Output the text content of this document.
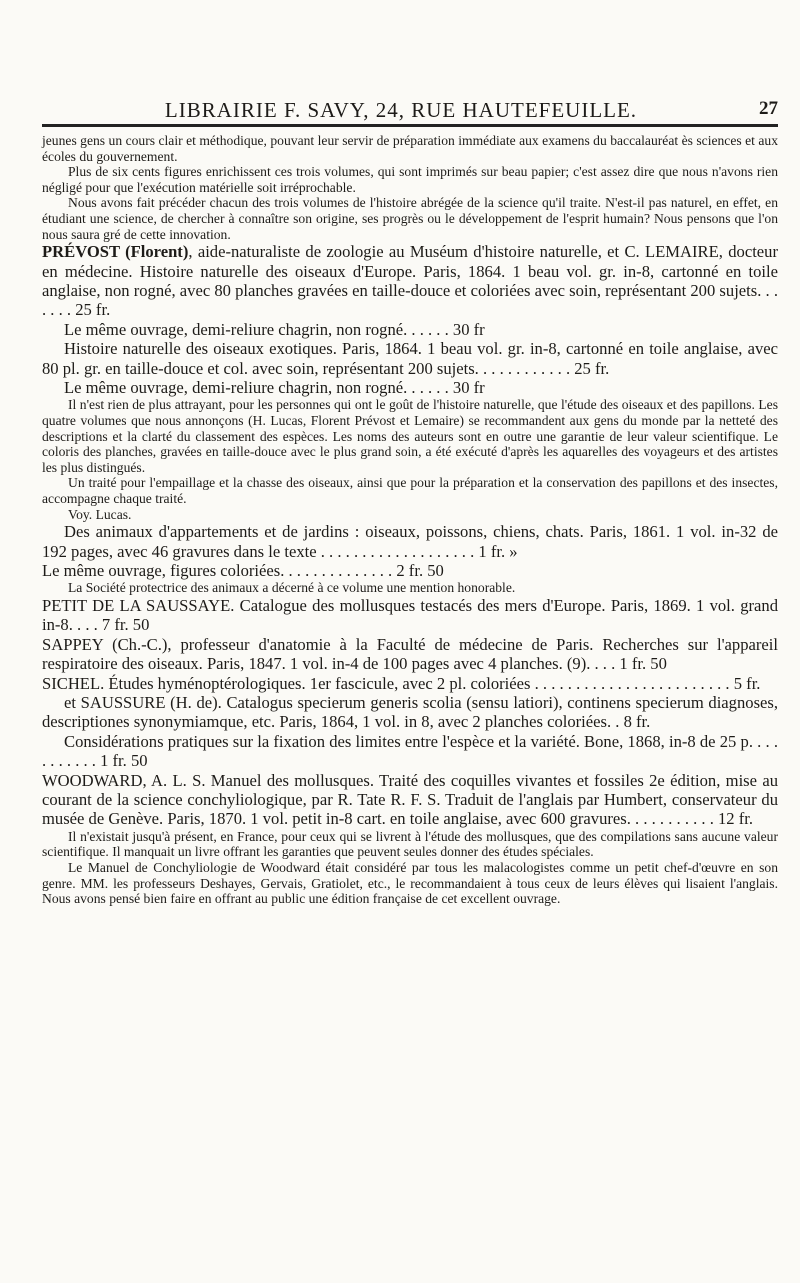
LIBRAIRIE F. SAVY, 24, RUE HAUTEFEUILLE.	27

jeunes gens un cours clair et méthodique, pouvant leur servir de préparation immédiate aux examens du baccalauréat ès sciences et aux écoles du gouvernement.

Plus de six cents figures enrichissent ces trois volumes, qui sont imprimés sur beau papier; c'est assez dire que nous n'avons rien négligé pour que l'exécution matérielle soit irréprochable.

Nous avons fait précéder chacun des trois volumes de l'histoire abrégée de la science qu'il traite. N'est-il pas naturel, en effet, en étudiant une science, de chercher à connaître son origine, ses progrès ou le développement de l'esprit humain? Nous pensons que l'on nous saura gré de cette innovation.

PRÉVOST (Florent), aide-naturaliste de zoologie au Muséum d'histoire naturelle, et C. LEMAIRE, docteur en médecine. Histoire naturelle des oiseaux d'Europe. Paris, 1864. 1 beau vol. gr. in-8, cartonné en toile anglaise, non rogné, avec 80 planches gravées en taille-douce et coloriées avec soin, représentant 200 sujets. . . . . . . 25 fr.

Le même ouvrage, demi-reliure chagrin, non rogné. . . . . . 30 fr

Histoire naturelle des oiseaux exotiques. Paris, 1864. 1 beau vol. gr. in-8, cartonné en toile anglaise, avec 80 pl. gr. en taille-douce et col. avec soin, représentant 200 sujets. . . . . . . . . . . . 25 fr.

Le même ouvrage, demi-reliure chagrin, non rogné. . . . . . 30 fr

Il n'est rien de plus attrayant, pour les personnes qui ont le goût de l'histoire naturelle, que l'étude des oiseaux et des papillons. Les quatre volumes que nous annonçons (H. Lucas, Florent Prévost et Lemaire) se recommandent aux gens du monde par la netteté des descriptions et la clarté du classement des espèces. Les noms des auteurs sont en outre une garantie de leur valeur scientifique. Le coloris des planches, gravées en taille-douce avec le plus grand soin, a été exécuté d'après les aquarelles des voyageurs et des artistes les plus distingués.

Un traité pour l'empaillage et la chasse des oiseaux, ainsi que pour la préparation et la conservation des papillons et des insectes, accompagne chaque traité.

Voy. Lucas.

Des animaux d'appartements et de jardins : oiseaux, poissons, chiens, chats. Paris, 1861. 1 vol. in-32 de 192 pages, avec 46 gravures dans le texte . . . . . . . . . . . . . . . . . . . 1 fr. »

Le même ouvrage, figures coloriées. . . . . . . . . . . . . . 2 fr. 50

La Société protectrice des animaux a décerné à ce volume une mention honorable.

PETIT DE LA SAUSSAYE. Catalogue des mollusques testacés des mers d'Europe. Paris, 1869. 1 vol. grand in-8. . . . 7 fr. 50

SAPPEY (Ch.-C.), professeur d'anatomie à la Faculté de médecine de Paris. Recherches sur l'appareil respiratoire des oiseaux. Paris, 1847. 1 vol. in-4 de 100 pages avec 4 planches. (9). . . . 1 fr. 50

SICHEL. Études hyménoptérologiques. 1er fascicule, avec 2 pl. coloriées . . . . . . . . . . . . . . . . . . . . . . . . 5 fr.

et SAUSSURE (H. de). Catalogus specierum generis scolia (sensu latiori), continens specierum diagnoses, descriptiones synonymiamque, etc. Paris, 1864, 1 vol. in 8, avec 2 planches coloriées. . 8 fr.

Considérations pratiques sur la fixation des limites entre l'espèce et la variété. Bone, 1868, in-8 de 25 p. . . . . . . . . . . 1 fr. 50

WOODWARD, A. L. S. Manuel des mollusques. Traité des coquilles vivantes et fossiles 2e édition, mise au courant de la science conchyliologique, par R. Tate R. F. S. Traduit de l'anglais par Humbert, conservateur du musée de Genève. Paris, 1870. 1 vol. petit in-8 cart. en toile anglaise, avec 600 gravures. . . . . . . . . . . 12 fr.

Il n'existait jusqu'à présent, en France, pour ceux qui se livrent à l'étude des mollusques, que des compilations sans aucune valeur scientifique. Il manquait un livre offrant les garanties que peuvent seules donner des études spéciales.

Le Manuel de Conchyliologie de Woodward était considéré par tous les malacologistes comme un petit chef-d'œuvre en son genre. MM. les professeurs Deshayes, Gervais, Gratiolet, etc., le recommandaient à tous ceux de leurs élèves qui lisaient l'anglais. Nous avons pensé bien faire en offrant au public une édition française de cet excellent ouvrage.
